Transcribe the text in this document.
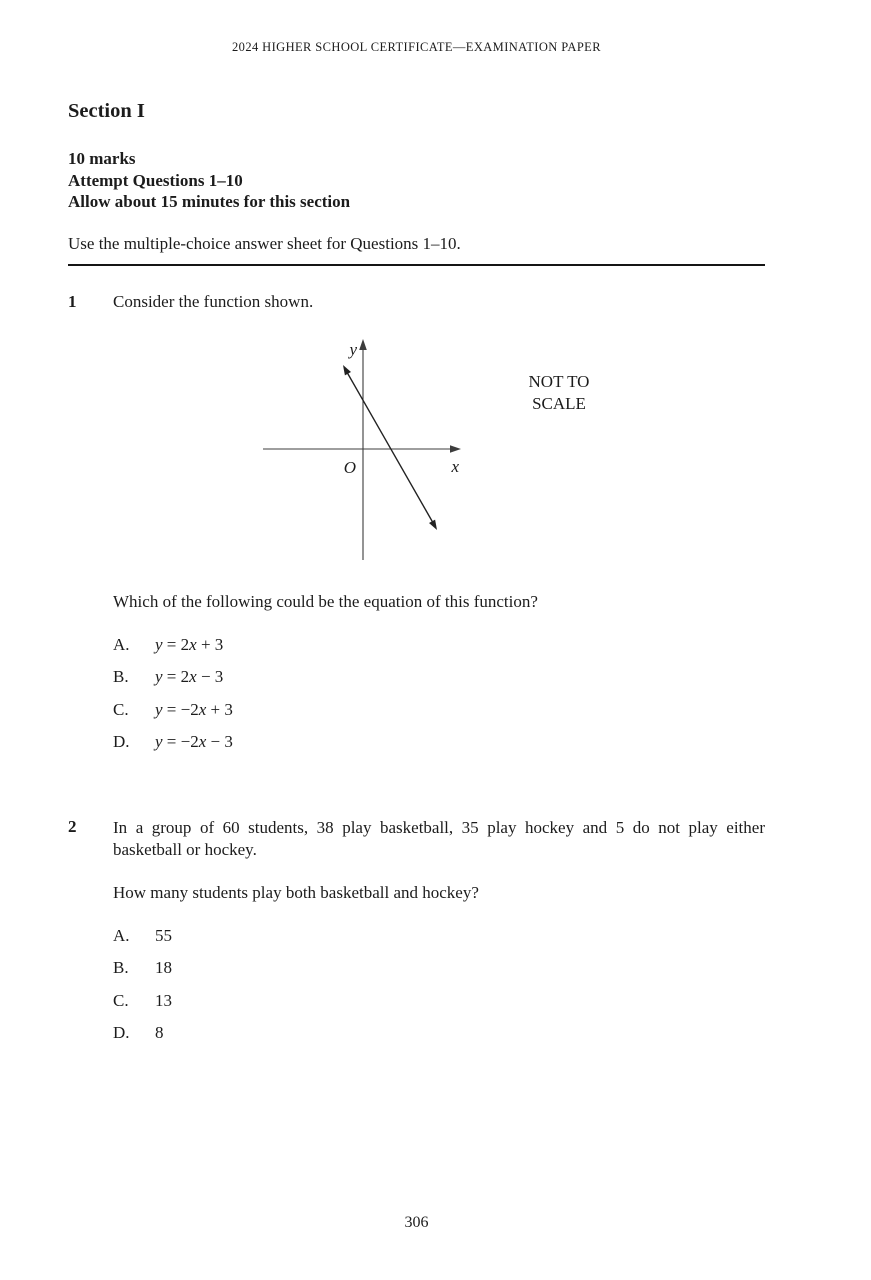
2024 HIGHER SCHOOL CERTIFICATE—EXAMINATION PAPER
Section I
10 marks
Attempt Questions 1–10
Allow about 15 minutes for this section
Use the multiple-choice answer sheet for Questions 1–10.
1 Consider the function shown.
y
O	x
NOT TO
SCALE
Which of the following could be the equation of this function?
A. y = 2x + 3
B. y = 2x − 3
C. y = −2x + 3
D. y = −2x − 3
2 In a group of 60 students, 38 play basketball, 35 play hockey and 5 do not play either
basketball or hockey.
How many students play both basketball and hockey?
A. 55
B. 18
C. 13
D. 8
306
